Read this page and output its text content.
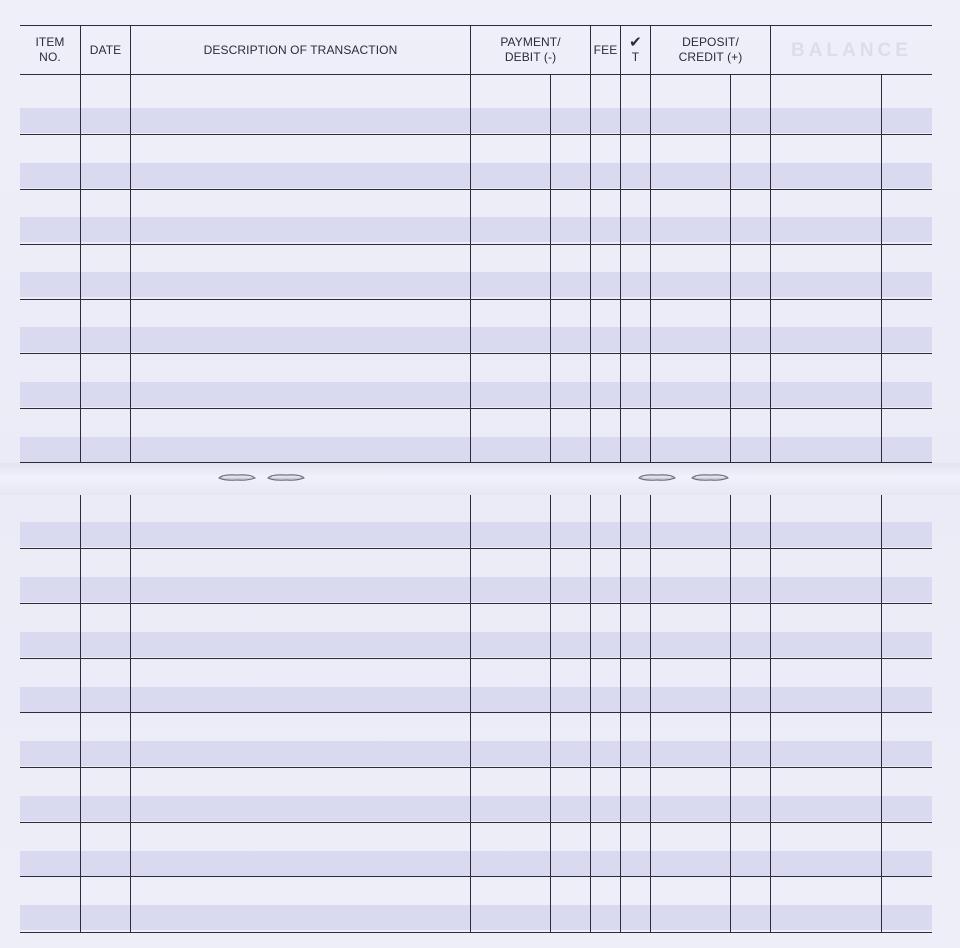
ITEM
NO.
DATE	DESCRIPTION OF TRANSACTION
PAYMENT/
DEBIT (-)
FEE ✔
T
DEPOSIT/
CREDIT (+)	BALANCE
